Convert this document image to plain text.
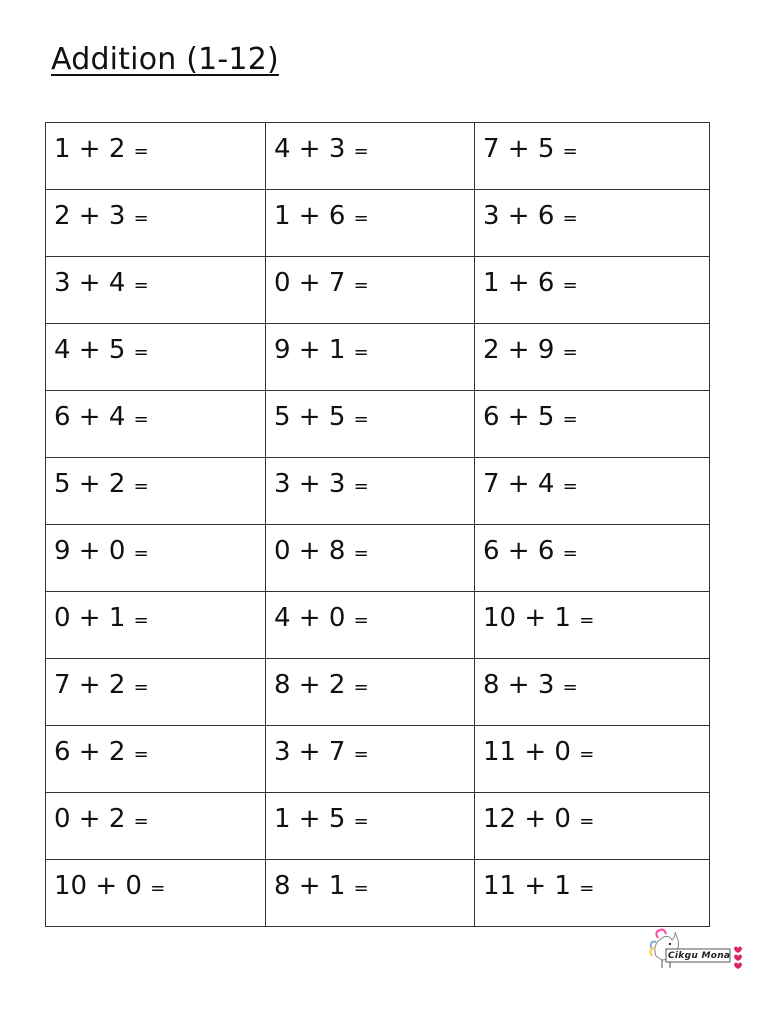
Addition (1-12)
1 + 2 =	4 + 3 =	7 + 5 =

2 + 3 =	1 + 6 =	3 + 6 =

3 + 4 =	0 + 7 =	1 + 6 =

4 + 5 =	9 + 1 =	2 + 9 =

6 + 4 =	5 + 5 =	6 + 5 =

5 + 2 =	3 + 3 =	7 + 4 =

9 + 0 =	0 + 8 =	6 + 6 =

0 + 1 =	4 + 0 =	10 + 1 =

7 + 2 =	8 + 2 =	8 + 3 =

6 + 2 =	3 + 7 =	11 + 0 =

0 + 2 =	1 + 5 =	12 + 0 =

10 + 0 =	8 + 1 =	11 + 1 =
Cikgu Mona
